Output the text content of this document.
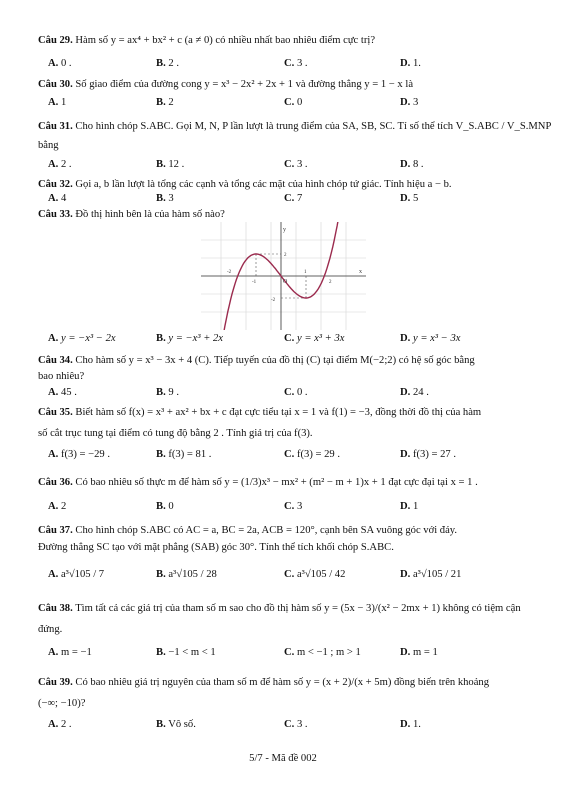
Câu 29. Hàm số y = ax⁴ + bx² + c (a ≠ 0) có nhiều nhất bao nhiêu điểm cực trị?
A. 0 .	B. 2 .	C. 3 .	D. 1.
Câu 30. Số giao điểm của đường cong y = x³ − 2x² + 2x + 1 và đường thẳng y = 1 − x là
A. 1	B. 2	C. 0	D. 3
Câu 31. Cho hình chóp S.ABC. Gọi M, N, P lần lượt là trung điểm của SA, SB, SC. Tỉ số thể tích V_S.ABC / V_S.MNP
bằng
A. 2 .	B. 12 .	C. 3 .	D. 8 .
Câu 32. Gọi a, b lần lượt là tổng các cạnh và tổng các mặt của hình chóp tứ giác. Tính hiệu a − b.
A. 4	B. 3	C. 7	D. 5
Câu 33. Đồ thị hình bên là của hàm số nào?
y
x
O
-2
-1
1
2
2
-2
A. y = −x³ − 2x	B. y = −x³ + 2x	C. y = x³ + 3x	D. y = x³ − 3x
Câu 34. Cho hàm số y = x³ − 3x + 4 (C). Tiếp tuyến của đồ thị (C) tại điểm M(−2;2) có hệ số góc bằng
bao nhiêu?
A. 45 .	B. 9 .	C. 0 .	D. 24 .
Câu 35. Biết hàm số f(x) = x³ + ax² + bx + c đạt cực tiểu tại x = 1 và f(1) = −3, đồng thời đồ thị của hàm
số cắt trục tung tại điểm có tung độ bằng 2 . Tính giá trị của f(3).
A. f(3) = −29 .	B. f(3) = 81 .	C. f(3) = 29 .	D. f(3) = 27 .
Câu 36. Có bao nhiêu số thực m để hàm số y = (1/3)x³ − mx² + (m² − m + 1)x + 1 đạt cực đại tại x = 1 .
A. 2	B. 0	C. 3	D. 1
Câu 37. Cho hình chóp S.ABC có AC = a, BC = 2a, ACB = 120°, cạnh bên SA vuông góc với đáy.
Đường thẳng SC tạo với mặt phẳng (SAB) góc 30°. Tính thể tích khối chóp S.ABC.
A. a³√105 / 7	B. a³√105 / 28	C. a³√105 / 42	D. a³√105 / 21
Câu 38. Tìm tất cả các giá trị của tham số m sao cho đồ thị hàm số y = (5x − 3)/(x² − 2mx + 1) không có tiệm cận
đứng.
A. m = −1	B. −1 < m < 1	C. m < −1 ; m > 1	D. m = 1
Câu 39. Có bao nhiêu giá trị nguyên của tham số m để hàm số y = (x + 2)/(x + 5m) đồng biến trên khoảng
(−∞; −10)?
A. 2 .	B. Vô số.	C. 3 .	D. 1.
5/7 - Mã đề 002
